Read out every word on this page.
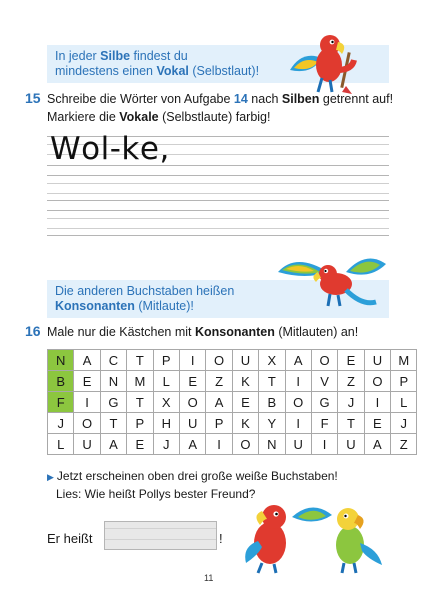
In jeder Silbe findest du
mindestens einen Vokal (Selbstlaut)!
15 Schreibe die Wörter von Aufgabe 14 nach Silben getrennt auf!
Markiere die Vokale (Selbstlaute) farbig!
Wol-ke,
Die anderen Buchstaben heißen
Konsonanten (Mitlaute)!
16 Male nur die Kästchen mit Konsonanten (Mitlauten) an!
N	A	C	T	P	I	O	U	X	A	O	E	U	M
B	E	N	M	L	E	Z	K	T	I	V	Z	O	P
F	I	G	T	X	O	A	E	B	O	G	J	I	L
J	O	T	P	H	U	P	K	Y	I	F	T	E	J
L	U	A	E	J	A	I	O	N	U	I	U	A	Z
▶ Jetzt erscheinen oben drei große weiße Buchstaben!
Lies: Wie heißt Pollys bester Freund?
Er heißt	!
11
